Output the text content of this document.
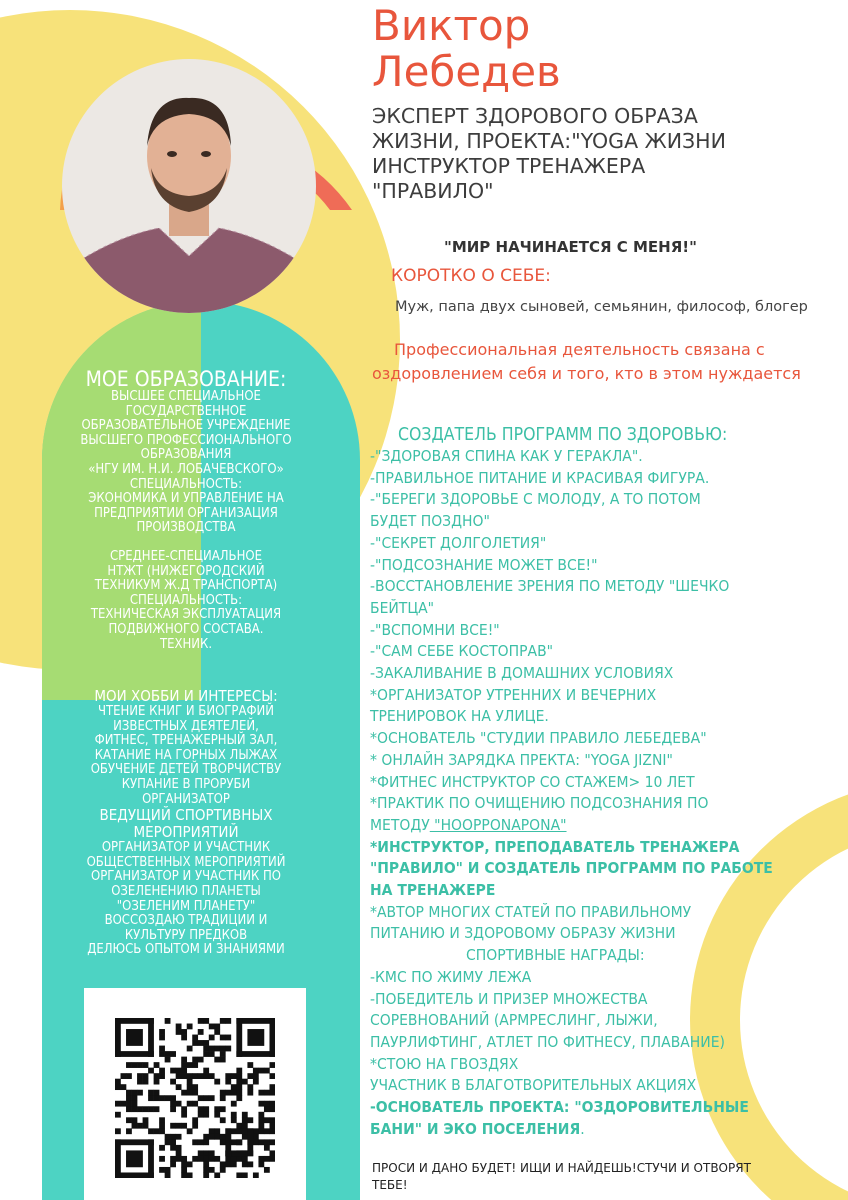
Виктор
Лебедев
ЭКСПЕРТ ЗДОРОВОГО ОБРАЗА
ЖИЗНИ, ПРОЕКТА:"YOGA ЖИЗНИ
ИНСТРУКТОР ТРЕНАЖЕРА
"ПРАВИЛО"
"МИР НАЧИНАЕТСЯ С МЕНЯ!"
КОРОТКО О СЕБЕ:
Муж, папа двух сыновей, семьянин, философ, блогер
Профессиональная деятельность связана с
оздоровлением себя и того, кто в этом нуждается
МОЕ ОБРАЗОВАНИЕ:
ВЫСШЕЕ СПЕЦИАЛЬНОЕ
ГОСУДАРСТВЕННОЕ
ОБРАЗОВАТЕЛЬНОЕ УЧРЕЖДЕНИЕ
ВЫСШЕГО ПРОФЕССИОНАЛЬНОГО
ОБРАЗОВАНИЯ
«НГУ ИМ. Н.И. ЛОБАЧЕВСКОГО»
СПЕЦИАЛЬНОСТЬ:
ЭКОНОМИКА И УПРАВЛЕНИЕ НА
ПРЕДПРИЯТИИ ОРГАНИЗАЦИЯ
ПРОИЗВОДСТВА
СРЕДНЕЕ-СПЕЦИАЛЬНОЕ
НТЖТ (НИЖЕГОРОДСКИЙ
ТЕХНИКУМ Ж.Д ТРАНСПОРТА)
СПЕЦИАЛЬНОСТЬ:
ТЕХНИЧЕСКАЯ ЭКСПЛУАТАЦИЯ
ПОДВИЖНОГО СОСТАВА.
ТЕХНИК.
МОИ ХОББИ И ИНТЕРЕСЫ:
ЧТЕНИЕ КНИГ И БИОГРАФИЙ
ИЗВЕСТНЫХ ДЕЯТЕЛЕЙ,
ФИТНЕС, ТРЕНАЖЕРНЫЙ ЗАЛ,
КАТАНИЕ НА ГОРНЫХ ЛЫЖАХ
ОБУЧЕНИЕ ДЕТЕЙ ТВОРЧИСТВУ
КУПАНИЕ В ПРОРУБИ
ОРГАНИЗАТОР
ВЕДУЩИЙ СПОРТИВНЫХ
МЕРОПРИЯТИЙ
ОРГАНИЗАТОР И УЧАСТНИК
ОБЩЕСТВЕННЫХ МЕРОПРИЯТИЙ
ОРГАНИЗАТОР И УЧАСТНИК ПО
ОЗЕЛЕНЕНИЮ ПЛАНЕТЫ
"ОЗЕЛЕНИМ ПЛАНЕТУ"
ВОССОЗДАЮ ТРАДИЦИИ И
КУЛЬТУРУ ПРЕДКОВ
ДЕЛЮСЬ ОПЫТОМ И ЗНАНИЯМИ
СОЗДАТЕЛЬ ПРОГРАММ ПО ЗДОРОВЬЮ:
-"ЗДОРОВАЯ СПИНА КАК У ГЕРАКЛА".
-ПРАВИЛЬНОЕ ПИТАНИЕ И КРАСИВАЯ ФИГУРА.
-"БЕРЕГИ ЗДОРОВЬЕ С МОЛОДУ, А ТО ПОТОМ
БУДЕТ ПОЗДНО"
-"СЕКРЕТ ДОЛГОЛЕТИЯ"
-"ПОДСОЗНАНИЕ МОЖЕТ ВСЕ!"
-ВОССТАНОВЛЕНИЕ ЗРЕНИЯ ПО МЕТОДУ "ШЕЧКО
БЕЙТЦА"
-"ВСПОМНИ ВСЕ!"
-"САМ СЕБЕ КОСТОПРАВ"
-ЗАКАЛИВАНИЕ В ДОМАШНИХ УСЛОВИЯХ
*ОРГАНИЗАТОР УТРЕННИХ И ВЕЧЕРНИХ
ТРЕНИРОВОК НА УЛИЦЕ.
*ОСНОВАТЕЛЬ "СТУДИИ ПРАВИЛО ЛЕБЕДЕВА"
* ОНЛАЙН ЗАРЯДКА ПРЕКТА: "YOGA JIZNI"
*ФИТНЕС ИНСТРУКТОР СО СТАЖЕМ> 10 ЛЕТ
*ПРАКТИК ПО ОЧИЩЕНИЮ ПОДСОЗНАНИЯ ПО
МЕТОДУ "HOOPPONAPONA"
*ИНСТРУКТОР, ПРЕПОДАВАТЕЛЬ ТРЕНАЖЕРА
"ПРАВИЛО" И СОЗДАТЕЛЬ ПРОГРАММ ПО РАБОТЕ
НА ТРЕНАЖЕРЕ
*АВТОР МНОГИХ СТАТЕЙ ПО ПРАВИЛЬНОМУ
ПИТАНИЮ И ЗДОРОВОМУ ОБРАЗУ ЖИЗНИ
СПОРТИВНЫЕ НАГРАДЫ:
-КМС ПО ЖИМУ ЛЕЖА
-ПОБЕДИТЕЛЬ И ПРИЗЕР МНОЖЕСТВА
СОРЕВНОВАНИЙ (АРМРЕСЛИНГ, ЛЫЖИ,
ПАУРЛИФТИНГ, АТЛЕТ ПО ФИТНЕСУ, ПЛАВАНИЕ)
*СТОЮ НА ГВОЗДЯХ
УЧАСТНИК В БЛАГОТВОРИТЕЛЬНЫХ АКЦИЯХ
-ОСНОВАТЕЛЬ ПРОЕКТА: "ОЗДОРОВИТЕЛЬНЫЕ
БАНИ" И ЭКО ПОСЕЛЕНИЯ.
ПРОСИ И ДАНО БУДЕТ! ИЩИ И НАЙДЕШЬ!СТУЧИ И ОТВОРЯТ
ТЕБЕ!
